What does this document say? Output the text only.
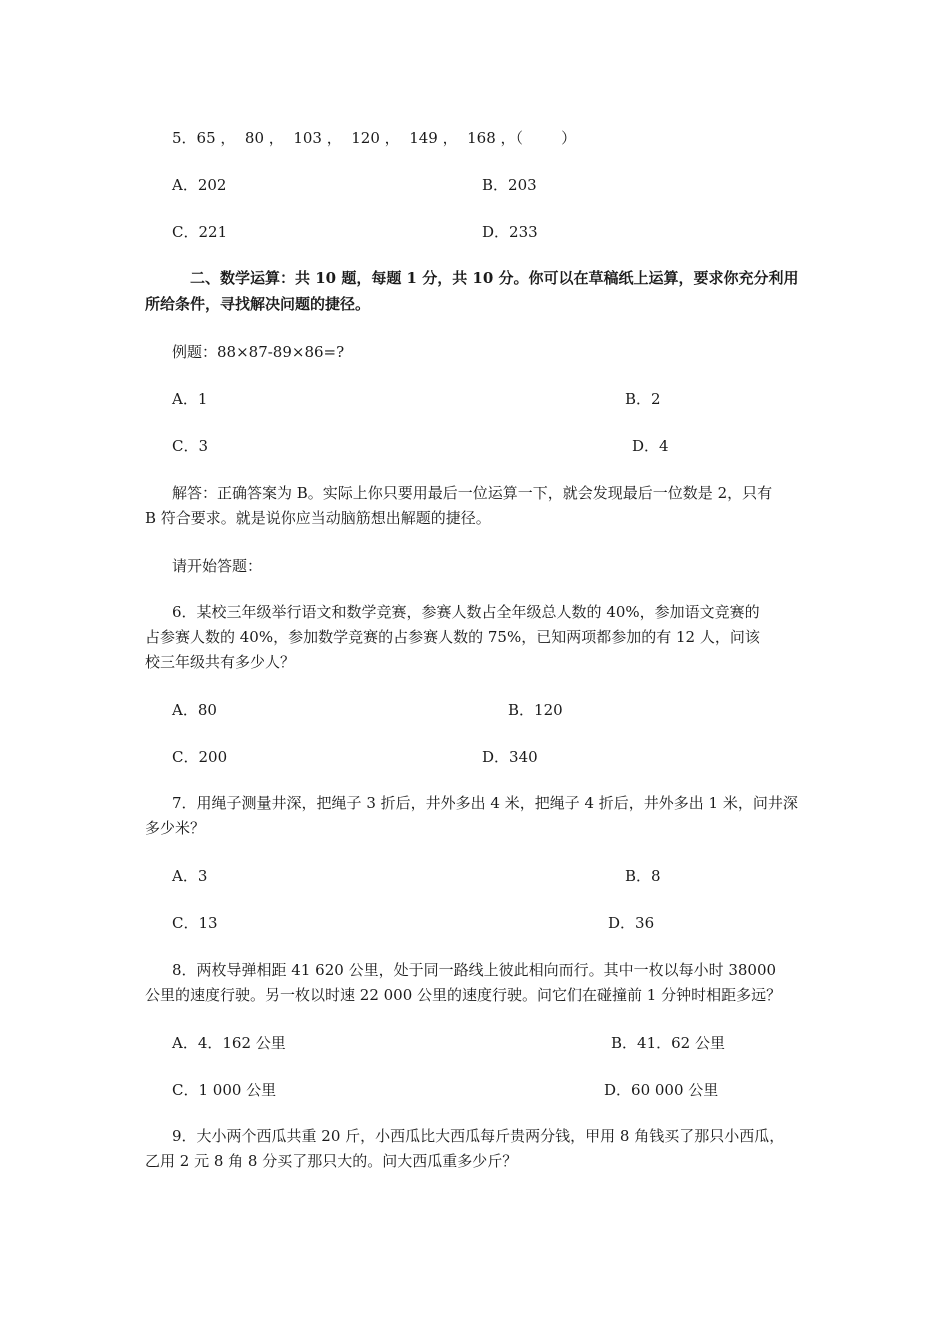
5．65 ，  80 ，  103 ，  120 ，  149 ，  168 ，（        ）
A．202	B．203
C．221	D．233
二、数学运算：共 10 题，每题 1 分，共 10 分。你可以在草稿纸上运算，要求你充分利用
所给条件，寻找解决问题的捷径。
例题：88×87-89×86=?
A．1	B．2
C．3	D．4
解答：正确答案为 B。实际上你只要用最后一位运算一下，就会发现最后一位数是 2，只有
B 符合要求。就是说你应当动脑筋想出解题的捷径。
请开始答题：
6．某校三年级举行语文和数学竞赛，参赛人数占全年级总人数的 40%，参加语文竞赛的
占参赛人数的 40%，参加数学竞赛的占参赛人数的 75%，已知两项都参加的有 12 人，问该
校三年级共有多少人？
A．80	B．120
C．200	D．340
7．用绳子测量井深，把绳子 3 折后，井外多出 4 米，把绳子 4 折后，井外多出 1 米，问井深
多少米？
A．3	B．8
C．13	D．36
8．两枚导弹相距 41 620 公里，处于同一路线上彼此相向而行。其中一枚以每小时 38000
公里的速度行驶。另一枚以时速 22 000 公里的速度行驶。问它们在碰撞前 1 分钟时相距多远？
A．4．162 公里	B．41．62 公里
C．1 000 公里	D．60 000 公里
9．大小两个西瓜共重 20 斤，小西瓜比大西瓜每斤贵两分钱，甲用 8 角钱买了那只小西瓜，
乙用 2 元 8 角 8 分买了那只大的。问大西瓜重多少斤？
